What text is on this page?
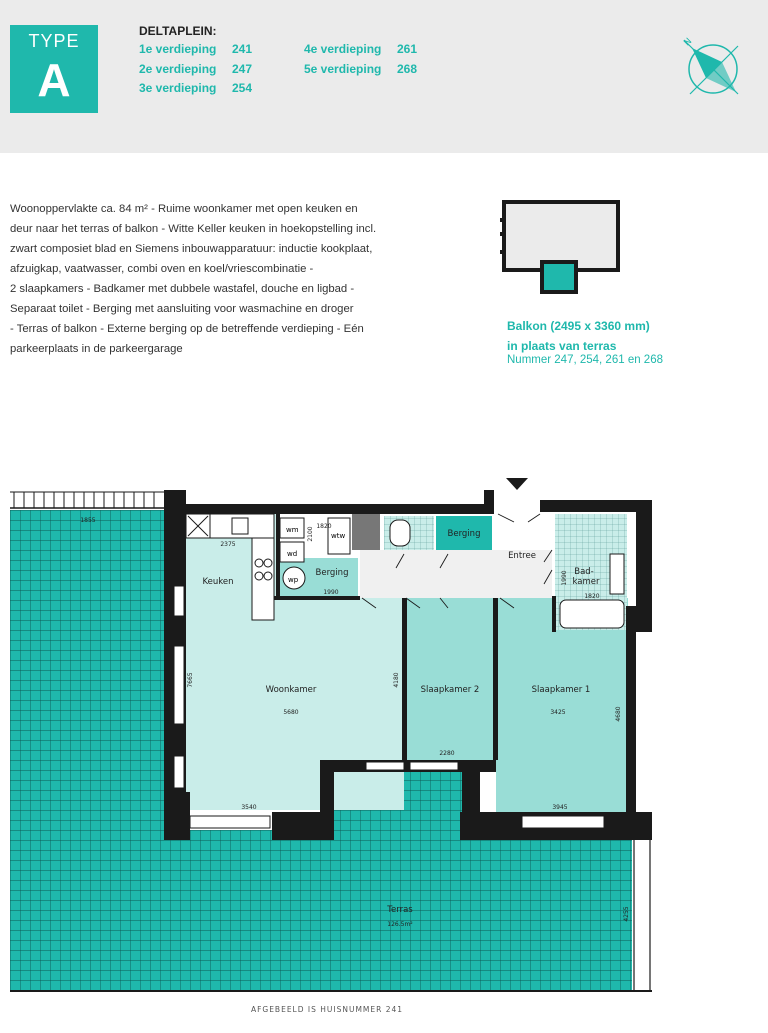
TYPE
A
DELTAPLEIN:
1e verdieping 241
2e verdieping 247
3e verdieping 254
4e verdieping 261
5e verdieping 268
N
Woonoppervlakte ca. 84 m² - Ruime woonkamer met open keuken en
deur naar het terras of balkon - Witte Keller keuken in hoekopstelling incl.
zwart composiet blad en Siemens inbouwapparatuur: inductie kookplaat,
afzuigkap, vaatwasser, combi oven en koel/vriescombinatie -
2 slaapkamers - Badkamer met dubbele wastafel, douche en ligbad -
Separaat toilet - Berging met aansluiting voor wasmachine en droger
- Terras of balkon - Externe berging op de betreffende verdieping - Eén
parkeerplaats in de parkeergarage
Balkon (2495 x 3360 mm)
in plaats van terras
Nummer 247, 254, 261 en 268
wm
wd
wp
wtw
Keuken
Woonkamer	Slaapkamer 2	Slaapkamer 1
Berging
Berging
Entree
Bad-
kamer
Terras
1855
2375
1820
1990
1820
5680
3540
2280
3425
3945
126.5m²
2100
1990
7665	4180
4680
4255
AFGEBEELD IS HUISNUMMER 241
